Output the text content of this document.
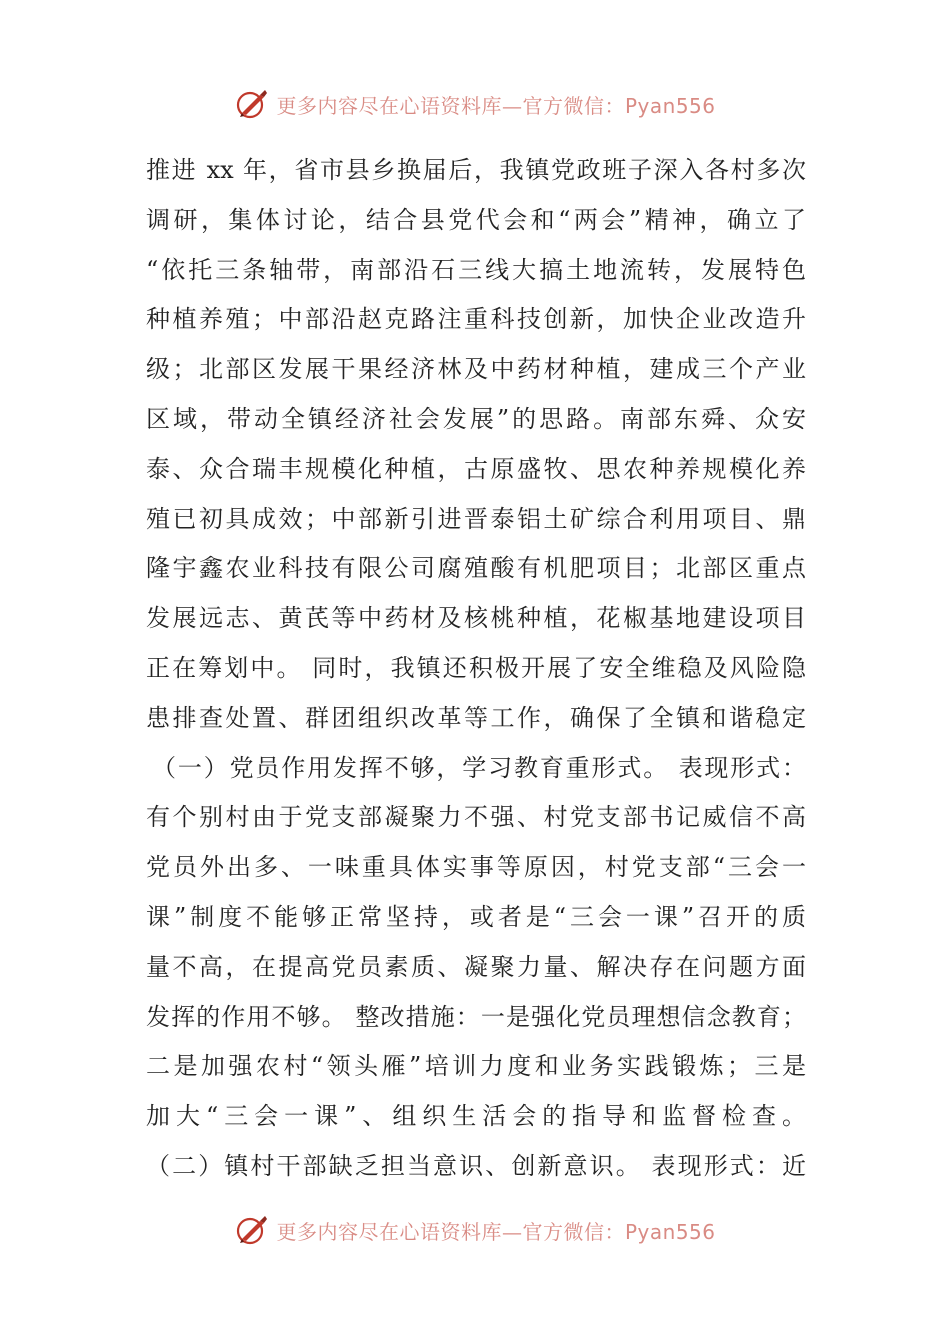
更多内容尽在心语资料库—官方微信：Pyan556
推进 xx 年，省市县乡换届后，我镇党政班子深入各村多次
调研，集体讨论，结合县党代会和“两会”精神，确立了
“依托三条轴带，南部沿石三线大搞土地流转，发展特色
种植养殖；中部沿赵克路注重科技创新，加快企业改造升
级；北部区发展干果经济林及中药材种植，建成三个产业
区域，带动全镇经济社会发展”的思路。南部东舜、众安
泰、众合瑞丰规模化种植，古原盛牧、思农种养规模化养
殖已初具成效；中部新引进晋泰铝土矿综合利用项目、鼎
隆宇鑫农业科技有限公司腐殖酸有机肥项目；北部区重点
发展远志、黄芪等中药材及核桃种植，花椒基地建设项目
正在筹划中。 同时，我镇还积极开展了安全维稳及风险隐
患排查处置、群团组织改革等工作，确保了全镇和谐稳定
（一）党员作用发挥不够，学习教育重形式。 表现形式：
有个别村由于党支部凝聚力不强、村党支部书记威信不高
党员外出多、一味重具体实事等原因，村党支部“三会一
课”制度不能够正常坚持，或者是“三会一课”召开的质
量不高，在提高党员素质、凝聚力量、解决存在问题方面
发挥的作用不够。 整改措施：一是强化党员理想信念教育；
二是加强农村“领头雁”培训力度和业务实践锻炼；三是
加大“三会一课”、组织生活会的指导和监督检查。
（二）镇村干部缺乏担当意识、创新意识。 表现形式：近
更多内容尽在心语资料库—官方微信：Pyan556
